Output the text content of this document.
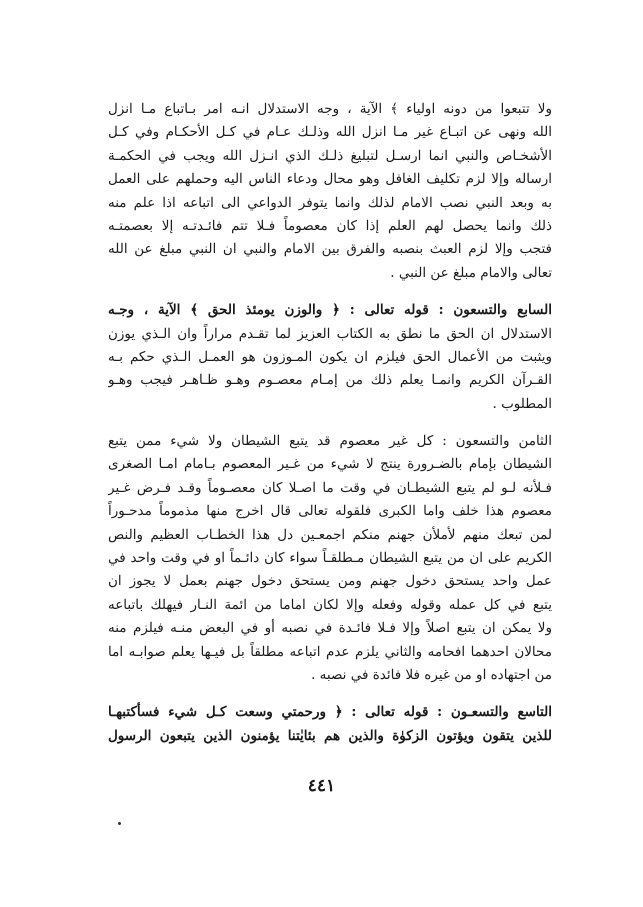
ولا تتبعوا من دونه اولياء ﴾ الآية ، وجه الاستدلال انـه امر بـاتباع مـا انزل
الله ونهى عن اتبـاع غير مـا انزل الله وذلـك عـام في كـل الأحكـام وفي كـل
الأشخـاص والنبي انما ارسـل لتبليغ ذلـك الذي انـزل الله ويجب في الحكمـة
ارساله وإلا لزم تكليف الغافل وهو محال ودعاء الناس اليه وحملهم على العمل
به وبعد النبي نصب الامام لذلك وانما يتوفر الدواعي الى اتباعه اذا علم منه
ذلك وانما يحصل لهم العلم إذا كان معصوماً فـلا تتم فائـدتـه إلا بعصمتـه
فتجب وإلا لزم العبث بنصبه والفرق بين الامام والنبي ان النبي مبلغ عن الله
تعالى والامام مبلغ عن النبي .

السابع والتسعون : قوله تعالى : ﴿ والوزن يومئذ الحق ﴾ الآية ، وجـه
الاستدلال ان الحق ما نطق به الكتاب العزيز لما تقـدم مراراً وان الـذي يوزن
ويثبت من الأعمال الحق فيلزم ان يكون المـوزون هو العمـل الـذي حكم بـه
القـرآن الكريم وانمـا يعلم ذلك من إمـام معصـوم وهـو ظـاهـر فيجب وهـو
المطلوب .

الثامن والتسعون : كل غير معصوم قد يتبع الشيطان ولا شيء ممن يتبع
الشيطان بإمام بالضـرورة ينتج لا شيء من غـير المعصوم بـامام امـا الصغرى
فـلأنه لـو لم يتبع الشيطـان في وقت ما اصـلا كان معصـوماً وقـد فـرض غـير
معصوم هذا خلف واما الكبرى فلقوله تعالى قال اخرج منها مذموماً مدحـوراً
لمن تبعك منهم لأملأن جهنم منكم اجمعـين دل هذا الخطـاب العظيم والنص
الكريم على ان من يتبع الشيطان مـطلقـاً سواء كان دائـماً او في وقت واحد في
عمل واحد يستحق دخول جهنم ومن يستحق دخول جهنم بعمل لا يجوز ان
يتبع في كل عمله وقوله وفعله وإلا لكان اماما من ائمة النـار فيهلك باتباعه
ولا يمكن ان يتبع اصلاً وإلا فـلا فائـدة في نصبه أو في البعض منـه فيلزم منه
محالان احدهما افحامه والثاني يلزم عدم اتباعه مطلقاً بل فيـها يعلم صوابـه اما
من اجتهاده او من غيره فلا فائدة في نصبه .

التاسع والتسعـون : قوله تعالى : ﴿ ورحمتي وسعت كـل شيء فسأكتبهـا
للذين يتقون ويؤتون الزكوٰة والذين هم بئايٰتنا يؤمنون الذين يتبعون الرسول

٤٤١
